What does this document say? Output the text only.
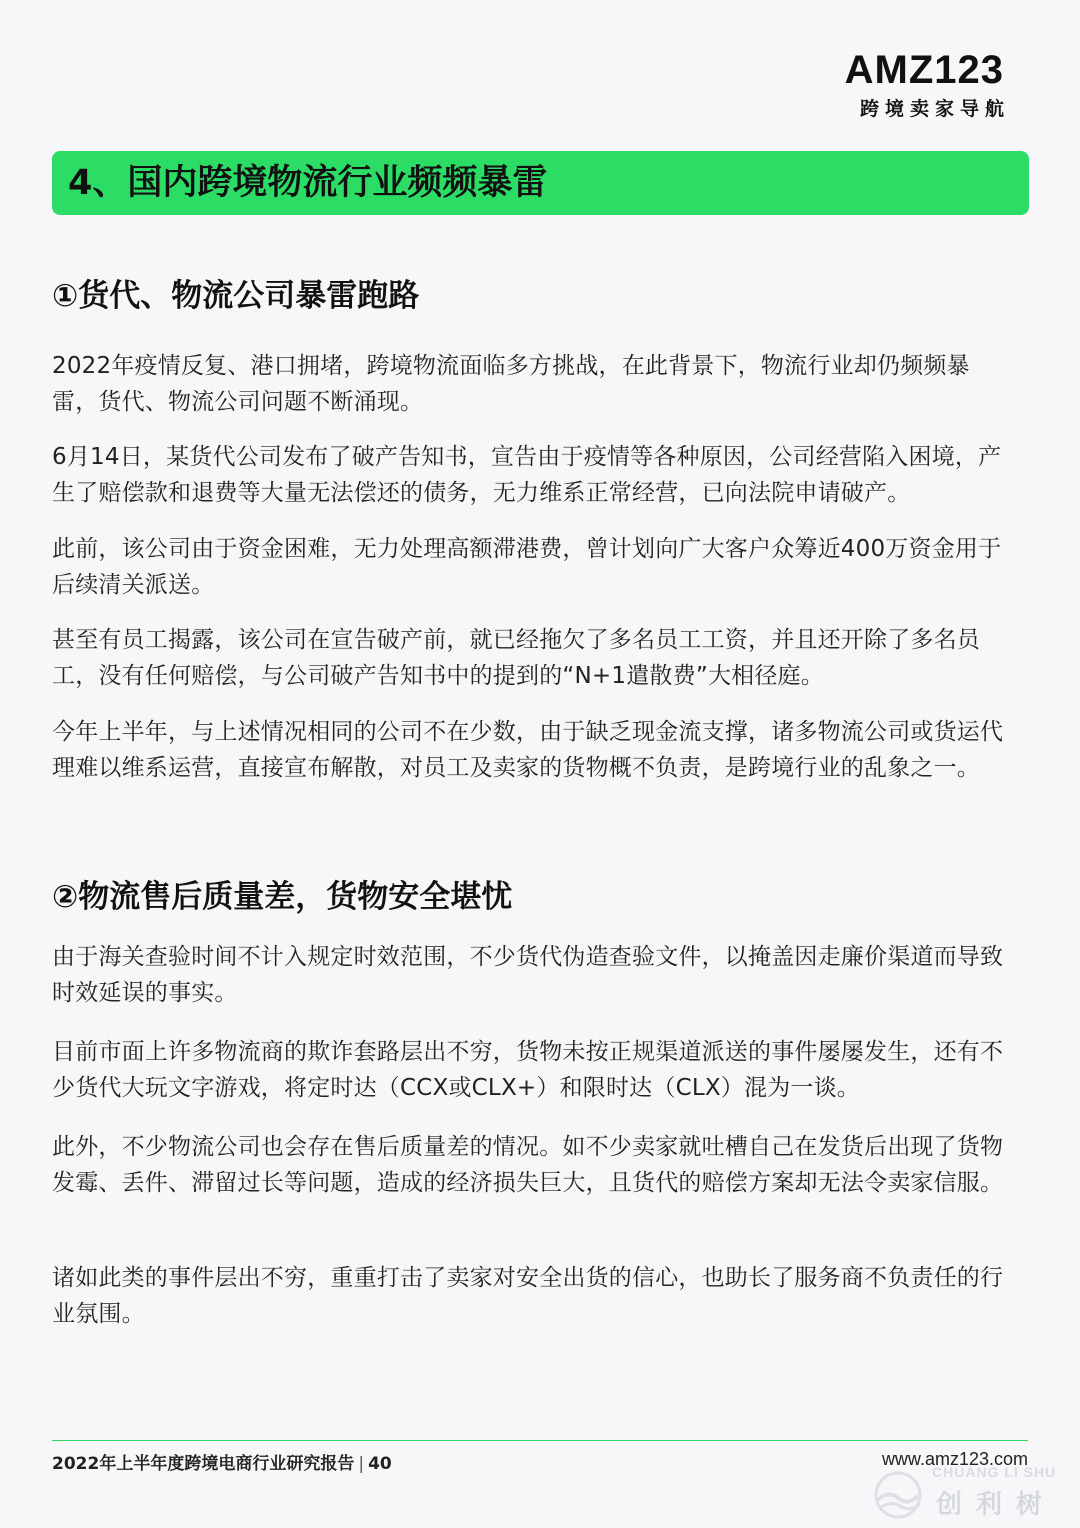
AMZ123
跨境卖家导航
4、国内跨境物流行业频频暴雷
①货代、物流公司暴雷跑路

2022年疫情反复、港口拥堵，跨境物流面临多方挑战，在此背景下，物流行业却仍频频暴雷，货代、物流公司问题不断涌现。

6月14日，某货代公司发布了破产告知书，宣告由于疫情等各种原因，公司经营陷入困境，产生了赔偿款和退费等大量无法偿还的债务，无力维系正常经营，已向法院申请破产。

此前，该公司由于资金困难，无力处理高额滞港费，曾计划向广大客户众筹近400万资金用于后续清关派送。

甚至有员工揭露，该公司在宣告破产前，就已经拖欠了多名员工工资，并且还开除了多名员工，没有任何赔偿，与公司破产告知书中的提到的“N+1遣散费”大相径庭。

今年上半年，与上述情况相同的公司不在少数，由于缺乏现金流支撑，诸多物流公司或货运代理难以维系运营，直接宣布解散，对员工及卖家的货物概不负责，是跨境行业的乱象之一。

②物流售后质量差，货物安全堪忧

由于海关查验时间不计入规定时效范围，不少货代伪造查验文件，以掩盖因走廉价渠道而导致时效延误的事实。

目前市面上许多物流商的欺诈套路层出不穷，货物未按正规渠道派送的事件屡屡发生，还有不少货代大玩文字游戏，将定时达（CCX或CLX+）和限时达（CLX）混为一谈。

此外，不少物流公司也会存在售后质量差的情况。如不少卖家就吐槽自己在发货后出现了货物发霉、丢件、滞留过长等问题，造成的经济损失巨大，且货代的赔偿方案却无法令卖家信服。

诸如此类的事件层出不穷，重重打击了卖家对安全出货的信心，也助长了服务商不负责任的行业氛围。

2022年上半年度跨境电商行业研究报告 | 40	www.amz123.com
CHUANG LI SHU
创利树
